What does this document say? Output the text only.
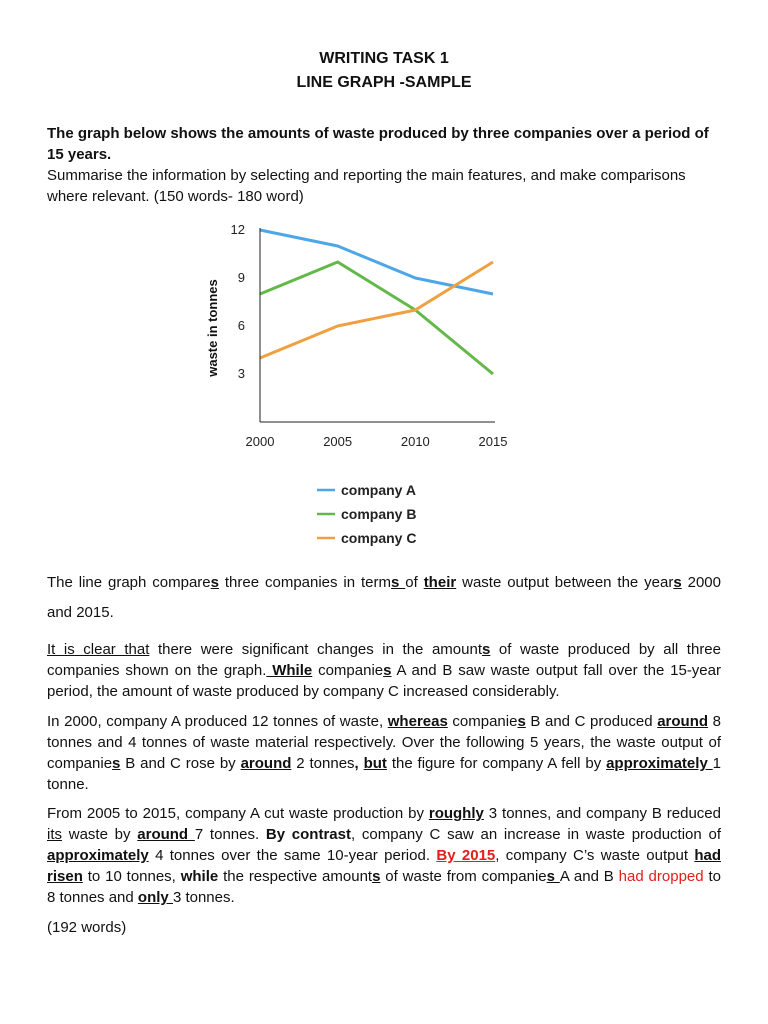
WRITING TASK 1
LINE GRAPH -SAMPLE
The graph below shows the amounts of waste produced by three companies over a period of 15 years.
Summarise the information by selecting and reporting the main features, and make comparisons where relevant. (150 words- 180 word)
waste in tonnes 3
6
9
12
2000	2005	2010	2015
company A
company B
company C

The line graph compares three companies in terms of their waste output between the years 2000 and 2015.

It is clear that there were significant changes in the amounts of waste produced by all three companies shown on the graph. While companies A and B saw waste output fall over the 15-year period, the amount of waste produced by company C increased considerably.

In 2000, company A produced 12 tonnes of waste, whereas companies B and C produced around 8 tonnes and 4 tonnes of waste material respectively. Over the following 5 years, the waste output of companies B and C rose by around 2 tonnes, but the figure for company A fell by approximately 1 tonne.

From 2005 to 2015, company A cut waste production by roughly 3 tonnes, and company B reduced its waste by around 7 tonnes. By contrast, company C saw an increase in waste production of approximately 4 tonnes over the same 10-year period. By 2015, company C’s waste output had risen to 10 tonnes, while the respective amounts of waste from companies A and B had dropped to 8 tonnes and only 3 tonnes.

(192 words)
